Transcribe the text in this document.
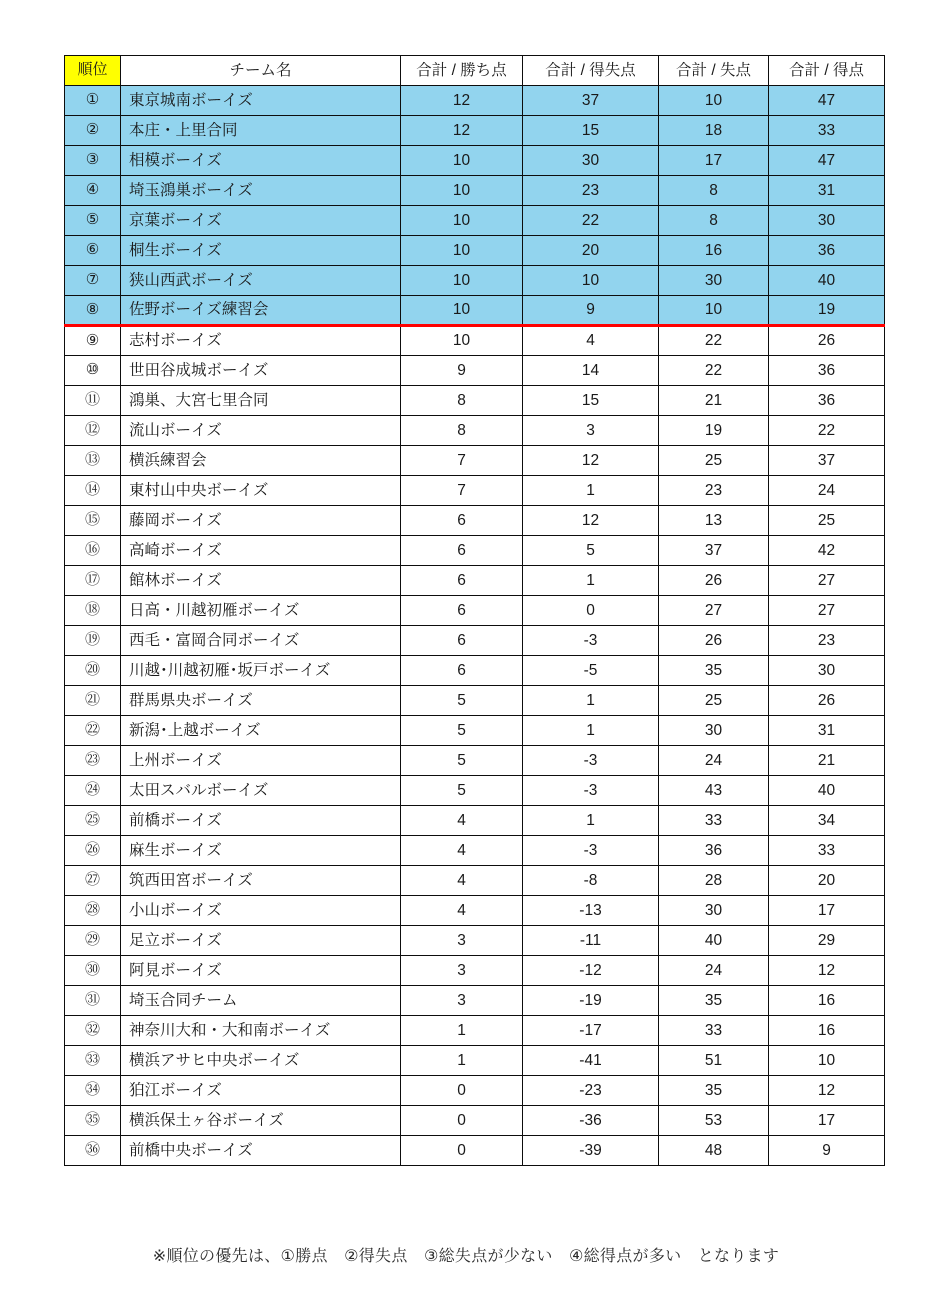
順位	チーム名	合計 / 勝ち点	合計 / 得失点	合計 / 失点	合計 / 得点
①	東京城南ボーイズ	12	37	10	47
②	本庄・上里合同	12	15	18	33
③	相模ボーイズ	10	30	17	47
④	埼玉鴻巣ボーイズ	10	23	8	31
⑤	京葉ボーイズ	10	22	8	30
⑥	桐生ボーイズ	10	20	16	36
⑦	狭山西武ボーイズ	10	10	30	40
⑧	佐野ボーイズ練習会	10	9	10	19
⑨	志村ボーイズ	10	4	22	26
⑩	世田谷成城ボーイズ	9	14	22	36
⑪	鴻巣、大宮七里合同	8	15	21	36
⑫	流山ボーイズ	8	3	19	22
⑬	横浜練習会	7	12	25	37
⑭	東村山中央ボーイズ	7	1	23	24
⑮	藤岡ボーイズ	6	12	13	25
⑯	高崎ボーイズ	6	5	37	42
⑰	館林ボーイズ	6	1	26	27
⑱	日高・川越初雁ボーイズ	6	0	27	27
⑲	西毛・富岡合同ボーイズ	6	-3	26	23
⑳	川越･川越初雁･坂戸ボーイズ	6	-5	35	30
㉑	群馬県央ボーイズ	5	1	25	26
㉒	新潟･上越ボーイズ	5	1	30	31
㉓	上州ボーイズ	5	-3	24	21
㉔	太田スバルボーイズ	5	-3	43	40
㉕	前橋ボーイズ	4	1	33	34
㉖	麻生ボーイズ	4	-3	36	33
㉗	筑西田宮ボーイズ	4	-8	28	20
㉘	小山ボーイズ	4	-13	30	17
㉙	足立ボーイズ	3	-11	40	29
㉚	阿見ボーイズ	3	-12	24	12
㉛	埼玉合同チーム	3	-19	35	16
㉜	神奈川大和・大和南ボーイズ	1	-17	33	16
㉝	横浜アサヒ中央ボーイズ	1	-41	51	10
㉞	狛江ボーイズ	0	-23	35	12
㉟	横浜保土ヶ谷ボーイズ	0	-36	53	17
㊱	前橋中央ボーイズ	0	-39	48	9
※順位の優先は、①勝点　②得失点　③総失点が少ない　④総得点が多い　となります
